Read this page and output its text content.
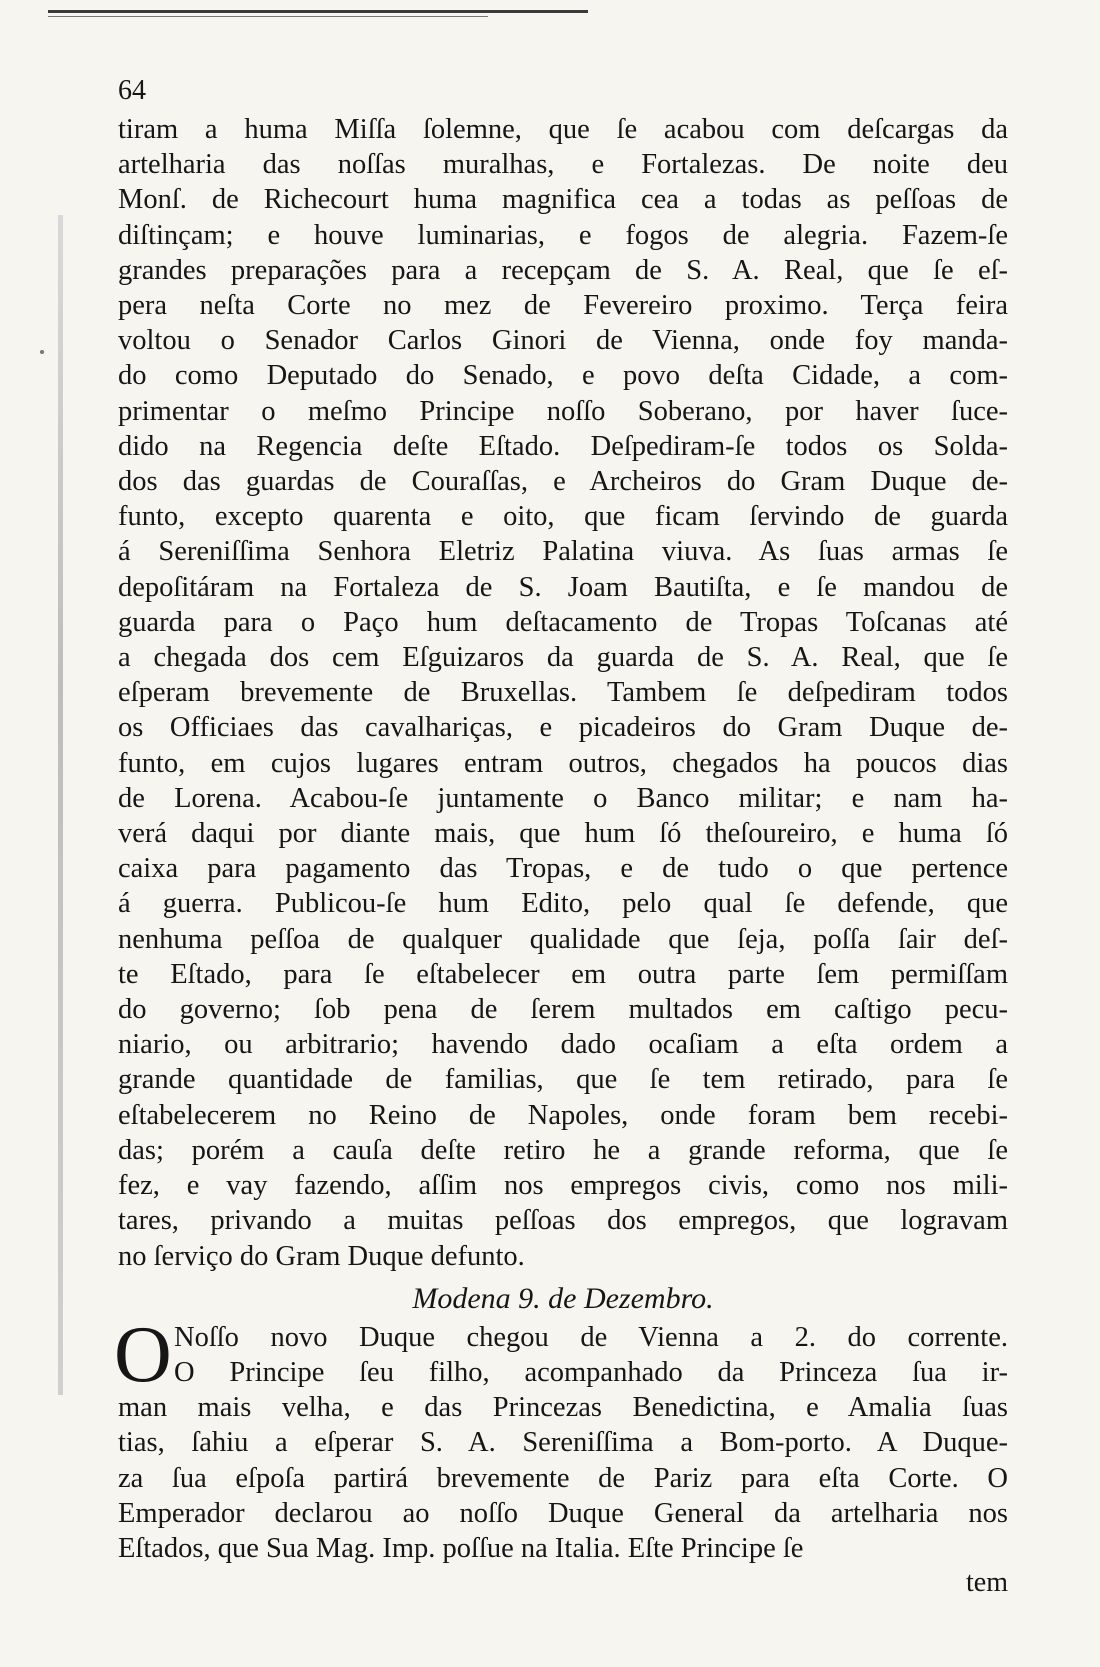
64
tiram a huma Miſſa ſolemne, que ſe acabou com deſcargas da
artelharia das noſſas muralhas, e Fortalezas. De noite deu
Monſ. de Richecourt huma magnifica cea a todas as peſſoas de
diſtinçam; e houve luminarias, e fogos de alegria. Fazem-ſe
grandes preparações para a recepçam de S. A. Real, que ſe eſ-
pera neſta Corte no mez de Fevereiro proximo. Terça feira
voltou o Senador Carlos Ginori de Vienna, onde foy manda-
do como Deputado do Senado, e povo deſta Cidade, a com-
primentar o meſmo Principe noſſo Soberano, por haver ſuce-
dido na Regencia deſte Eſtado. Deſpediram-ſe todos os Solda-
dos das guardas de Couraſſas, e Archeiros do Gram Duque de-
funto, excepto quarenta e oito, que ficam ſervindo de guarda
á Sereniſſima Senhora Eletriz Palatina viuva. As ſuas armas ſe
depoſitáram na Fortaleza de S. Joam Bautiſta, e ſe mandou de
guarda para o Paço hum deſtacamento de Tropas Toſcanas até
a chegada dos cem Eſguizaros da guarda de S. A. Real, que ſe
eſperam brevemente de Bruxellas. Tambem ſe deſpediram todos
os Officiaes das cavalhariças, e picadeiros do Gram Duque de-
funto, em cujos lugares entram outros, chegados ha poucos dias
de Lorena. Acabou-ſe juntamente o Banco militar; e nam ha-
verá daqui por diante mais, que hum ſó theſoureiro, e huma ſó
caixa para pagamento das Tropas, e de tudo o que pertence
á guerra. Publicou-ſe hum Edito, pelo qual ſe defende, que
nenhuma peſſoa de qualquer qualidade que ſeja, poſſa ſair deſ-
te Eſtado, para ſe eſtabelecer em outra parte ſem permiſſam
do governo; ſob pena de ſerem multados em caſtigo pecu-
niario, ou arbitrario; havendo dado ocaſiam a eſta ordem a
grande quantidade de familias, que ſe tem retirado, para ſe
eſtabelecerem no Reino de Napoles, onde foram bem recebi-
das; porém a cauſa deſte retiro he a grande reforma, que ſe
fez, e vay fazendo, aſſim nos empregos civis, como nos mili-
tares, privando a muitas peſſoas dos empregos, que logravam
no ſerviço do Gram Duque defunto.
Modena 9. de Dezembro.
O Noſſo novo Duque chegou de Vienna a 2. do corrente.
O Principe ſeu filho, acompanhado da Princeza ſua ir-
man mais velha, e das Princezas Benedictina, e Amalia ſuas
tias, ſahiu a eſperar S. A. Sereniſſima a Bom-porto. A Duque-
za ſua eſpoſa partirá brevemente de Pariz para eſta Corte. O
Emperador declarou ao noſſo Duque General da artelharia nos
Eſtados, que Sua Mag. Imp. poſſue na Italia. Eſte Principe ſe
tem
